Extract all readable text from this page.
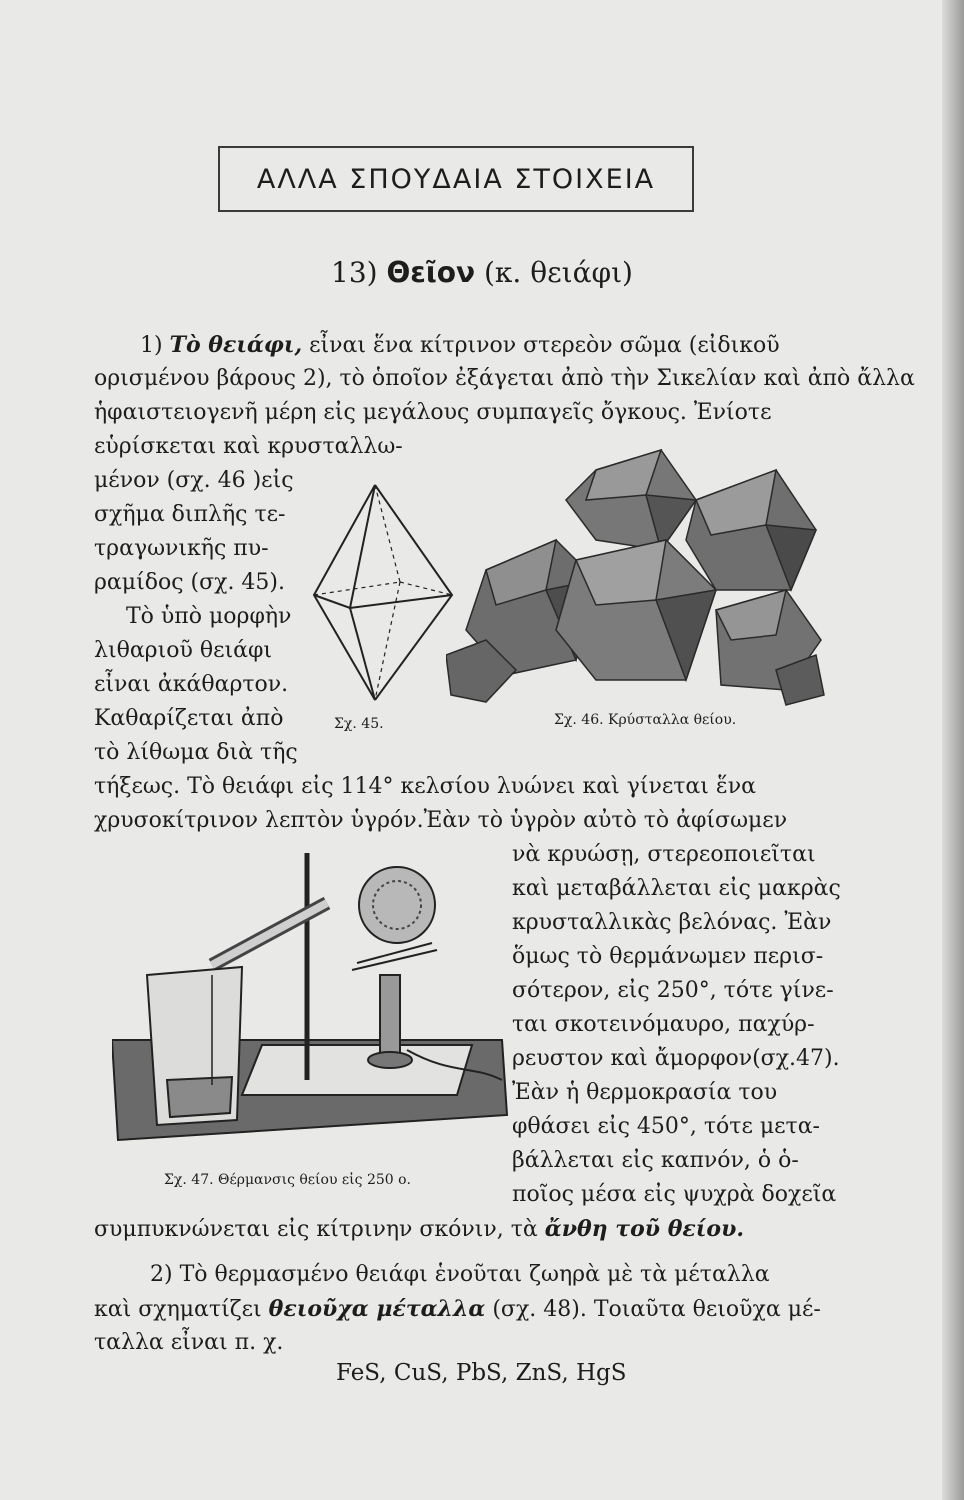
ΑΛΛΑ ΣΠΟΥΔΑΙΑ ΣΤΟΙΧΕΙΑ
13) Θεῖον (κ. θειάφι)
1) Τὸ θειάφι, εἶναι ἕνα κίτρινον στερεὸν σῶμα (εἰδικοῦ
ορισμένου βάρους 2), τὸ ὁποῖον ἐξάγεται ἀπὸ τὴν Σικελίαν καὶ ἀπὸ ἄλλα
ἡφαιστειογενῆ μέρη εἰς μεγάλους συμπαγεῖς ὄγκους. Ἐνίοτε
εὑρίσκεται καὶ κρυσταλλω-
μένον (σχ. 46 )εἰς
σχῆμα διπλῆς τε-
τραγωνικῆς πυ-
ραμίδος (σχ. 45).
Τὸ ὑπὸ μορφὴν
λιθαριοῦ θειάφι
εἶναι ἀκάθαρτον.
Καθαρίζεται ἀπὸ
τὸ λίθωμα διὰ τῆς
τήξεως. Τὸ θειάφι εἰς 114° κελσίου λυώνει καὶ γίνεται ἕνα
χρυσοκίτρινον λεπτὸν ὑγρόν.Ἐὰν τὸ ὑγρὸν αὐτὸ τὸ ἀφίσωμεν
νὰ κρυώσῃ, στερεοποιεῖται
καὶ μεταβάλλεται εἰς μακρὰς
κρυσταλλικὰς βελόνας. Ἐὰν
ὅμως τὸ θερμάνωμεν περισ-
σότερον, εἰς 250°, τότε γίνε-
ται σκοτεινόμαυρο, παχύρ-
ρευστον καὶ ἄμορφον(σχ.47).
Ἐὰν ἡ θερμοκρασία του
φθάσει εἰς 450°, τότε μετα-
βάλλεται εἰς καπνόν, ὁ ὁ-
ποῖος μέσα εἰς ψυχρὰ δοχεῖα
συμπυκνώνεται εἰς κίτρινην σκόνιν, τὰ ἄνθη τοῦ θείου.
2) Τὸ θερμασμένο θειάφι ἑνοῦται ζωηρὰ μὲ τὰ μέταλλα
καὶ σχηματίζει θειοῦχα μέταλλα (σχ. 48). Τοιαῦτα θειοῦχα μέ-
ταλλα εἶναι π. χ.
FeS, CuS, PbS, ZnS, HgS
Σχ. 45.	Σχ. 46. Κρύσταλλα θείου.
Σχ. 47. Θέρμανσις θείου εἰς 250 ο.
